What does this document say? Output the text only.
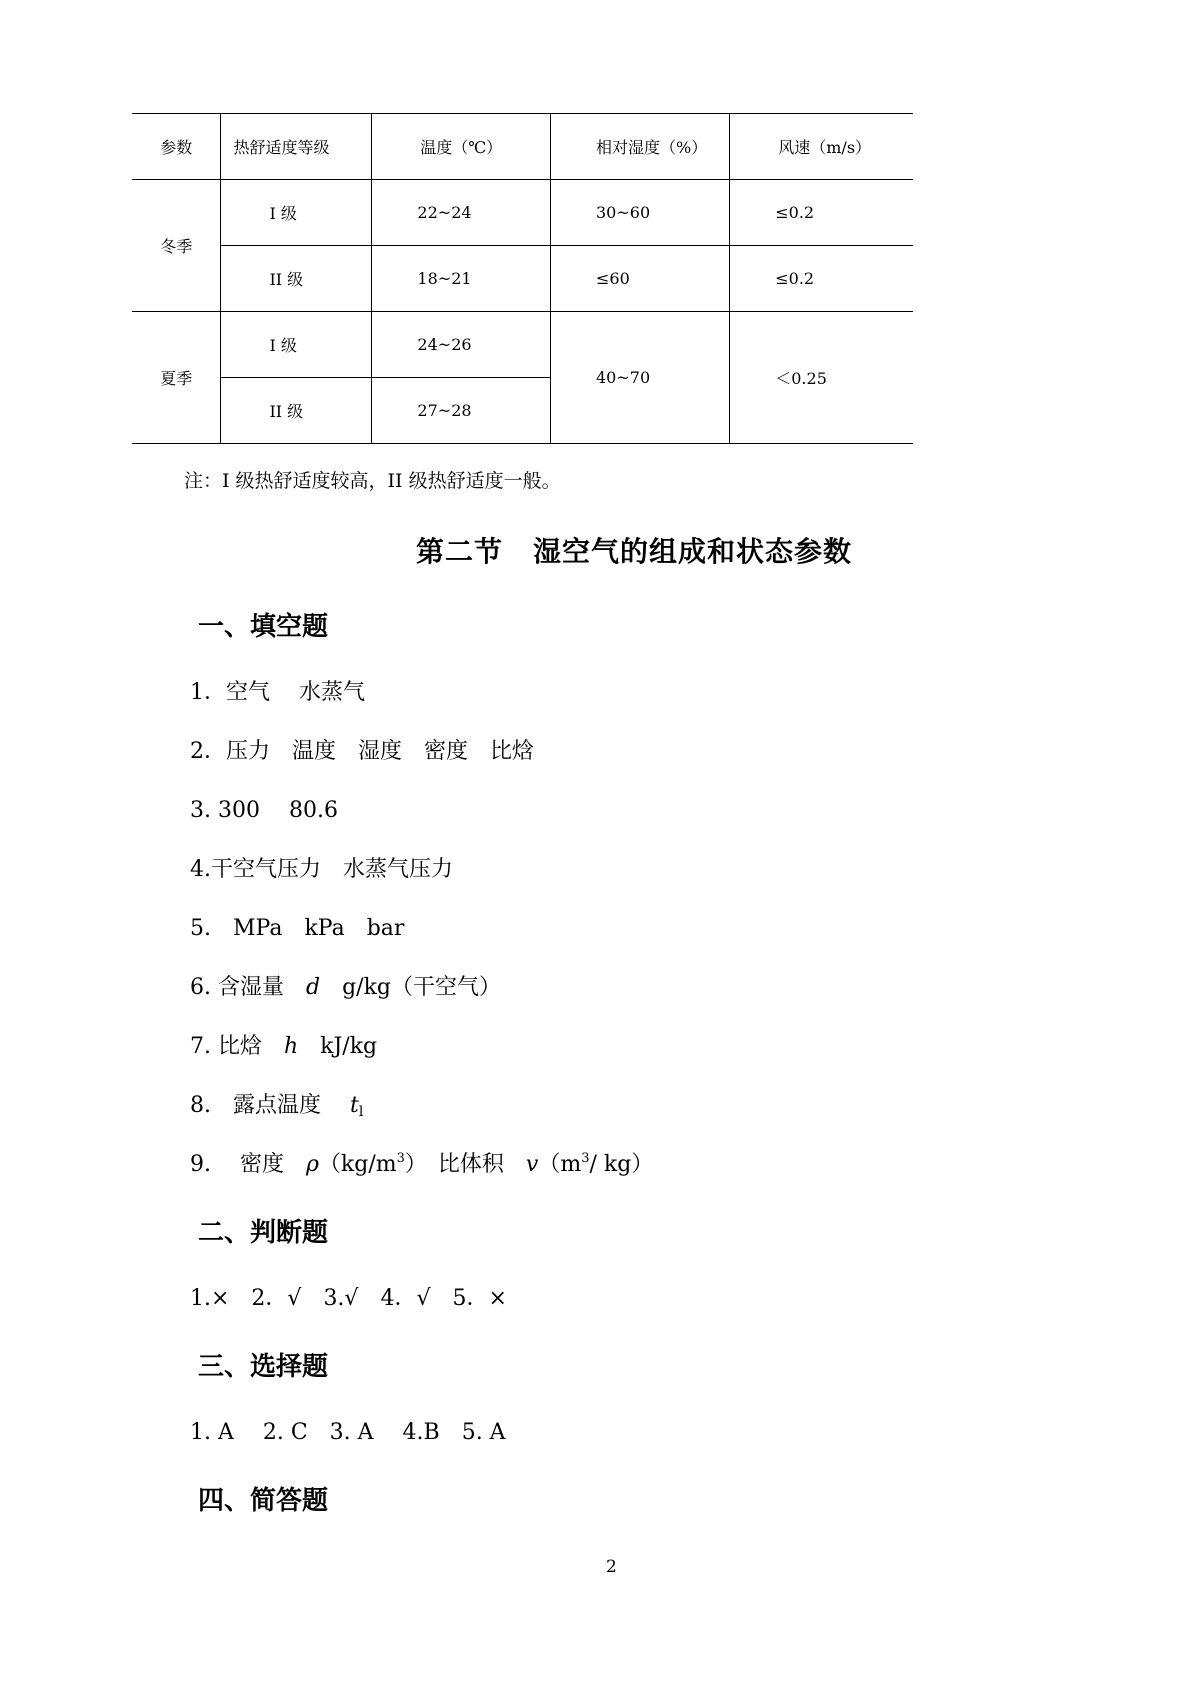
参数	热舒适度等级	温度（℃）	相对湿度（%）	风速（m/s）
冬季	I 级	22~24	30~60	≤0.2
	II 级	18~21	≤60	≤0.2
夏季	I 级	24~26	40~70	＜0.25
	II 级	27~28		
注：I 级热舒适度较高，II 级热舒适度一般。
第二节 湿空气的组成和状态参数
一、填空题
1．空气　 水蒸气
2．压力　温度　湿度　密度　比焓
3. 300　 80.6
4.干空气压力　水蒸气压力
5.　MPa　kPa　bar
6. 含湿量　d　g/kg（干空气）
7. 比焓　h　kJ/kg
8.　露点温度　 $t_l$
9.　 密度　$\rho(kg/m^3)$　比体积　$v(m^3/$ kg）
二、判断题
1.×　2．√　3.√　4．√　5．×
三、选择题
1. A　 2. C　3. A　 4.B　5. A
四、简答题
2
